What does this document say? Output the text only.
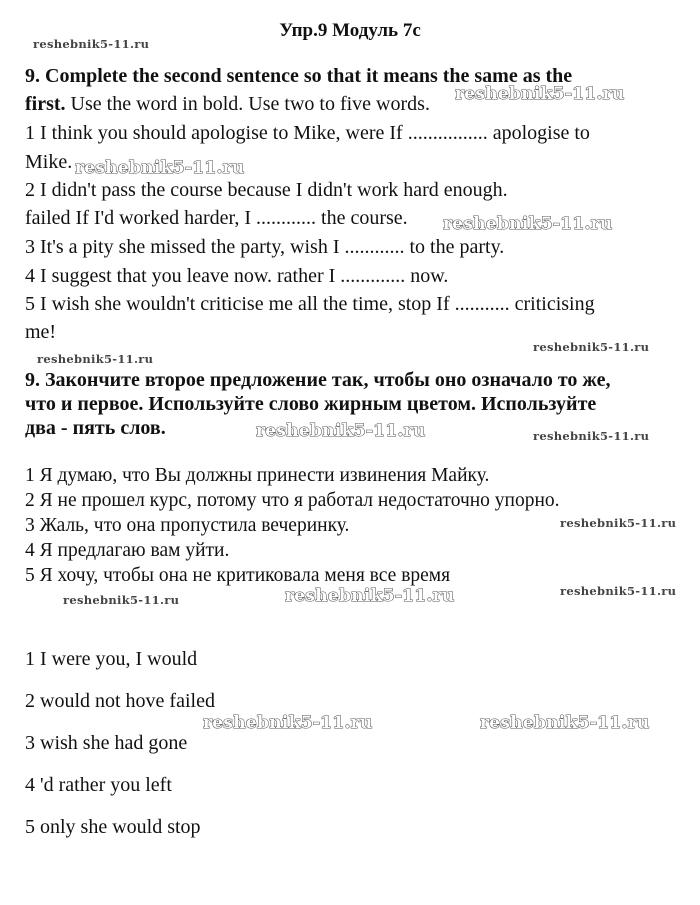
Упр.9 Модуль 7с
9. Complete the second sentence so that it means the same as the
first. Use the word in bold. Use two to five words.
1 I think you should apologise to Mike, were If ................ apologise to
Mike.
2 I didn't pass the course because I didn't work hard enough.
failed If I'd worked harder, I ............ the course.
3 It's a pity she missed the party, wish I ............ to the party.
4 I suggest that you leave now. rather I ............. now.
5 I wish she wouldn't criticise me all the time, stop If ........... criticising
me!
9. Закончите второе предложение так, чтобы оно означало то же,
что и первое. Используйте слово жирным цветом. Используйте
два - пять слов.
1 Я думаю, что Вы должны принести извинения Майку.
2 Я не прошел курс, потому что я работал недостаточно упорно.
3 Жаль, что она пропустила вечеринку.
4 Я предлагаю вам уйти.
5 Я хочу, чтобы она не критиковала меня все время
1 I were you, I would
2 would not hove failed
3 wish she had gone
4 'd rather you left
5 only she would stop
reshebnik5-11.ru
reshebnik5-11.ru
reshebnik5-11.ru
reshebnik5-11.ru
reshebnik5-11.ru
reshebnik5-11.ru
reshebnik5-11.ru	reshebnik5-11.ru
reshebnik5-11.ru
reshebnik5-11.ru
reshebnik5-11.ru
reshebnik5-11.ru
reshebnik5-11.ru	reshebnik5-11.ru
